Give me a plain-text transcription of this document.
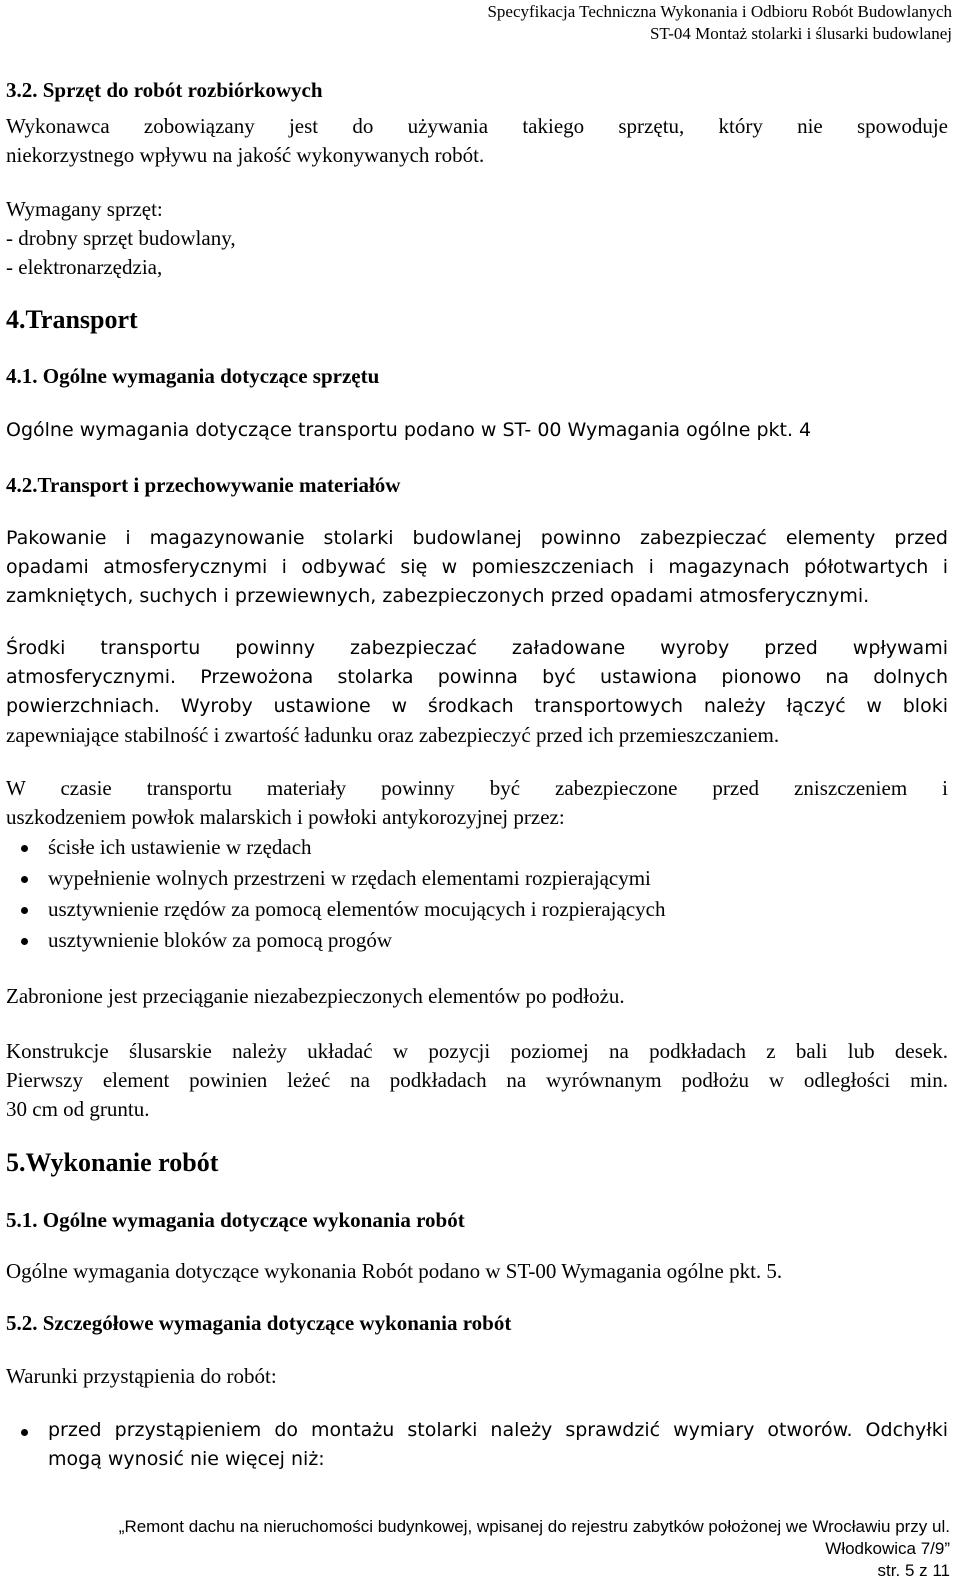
Specyfikacja Techniczna Wykonania i Odbioru Robót Budowlanych
ST-04 Montaż stolarki i ślusarki budowlanej
3.2. Sprzęt do robót rozbiórkowych
Wykonawca zobowiązany jest do używania takiego sprzętu, który nie spowoduje
niekorzystnego wpływu na jakość wykonywanych robót.
Wymagany sprzęt:
- drobny sprzęt budowlany,
- elektronarzędzia,
4.Transport
4.1. Ogólne wymagania dotyczące sprzętu
Ogólne wymagania dotyczące transportu podano w ST- 00 Wymagania ogólne pkt. 4
4.2.Transport i przechowywanie materiałów
Pakowanie i magazynowanie stolarki budowlanej powinno zabezpieczać elementy przed
opadami atmosferycznymi i odbywać się w pomieszczeniach i magazynach półotwartych i
zamkniętych, suchych i przewiewnych, zabezpieczonych przed opadami atmosferycznymi.
Środki transportu powinny zabezpieczać załadowane wyroby przed wpływami
atmosferycznymi. Przewożona stolarka powinna być ustawiona pionowo na dolnych
powierzchniach. Wyroby ustawione w środkach transportowych należy łączyć w bloki
zapewniające stabilność i zwartość ładunku oraz zabezpieczyć przed ich przemieszczaniem.
W czasie transportu materiały powinny być zabezpieczone przed zniszczeniem i
uszkodzeniem powłok malarskich i powłoki antykorozyjnej przez:
ścisłe ich ustawienie w rzędach
wypełnienie wolnych przestrzeni w rzędach elementami rozpierającymi
usztywnienie rzędów za pomocą elementów mocujących i rozpierających
usztywnienie bloków za pomocą progów
Zabronione jest przeciąganie niezabezpieczonych elementów po podłożu.
Konstrukcje ślusarskie należy układać w pozycji poziomej na podkładach z bali lub desek.
Pierwszy element powinien leżeć na podkładach na wyrównanym podłożu w odległości min.
30 cm od gruntu.
5.Wykonanie robót
5.1. Ogólne wymagania dotyczące wykonania robót
Ogólne wymagania dotyczące wykonania Robót podano w ST-00 Wymagania ogólne pkt. 5.
5.2. Szczegółowe wymagania dotyczące wykonania robót
Warunki przystąpienia do robót:
przed przystąpieniem do montażu stolarki należy sprawdzić wymiary otworów. Odchyłki
mogą wynosić nie więcej niż:
„Remont dachu na nieruchomości budynkowej, wpisanej do rejestru zabytków położonej we Wrocławiu przy ul.
Włodkowica 7/9”
str. 5 z 11
